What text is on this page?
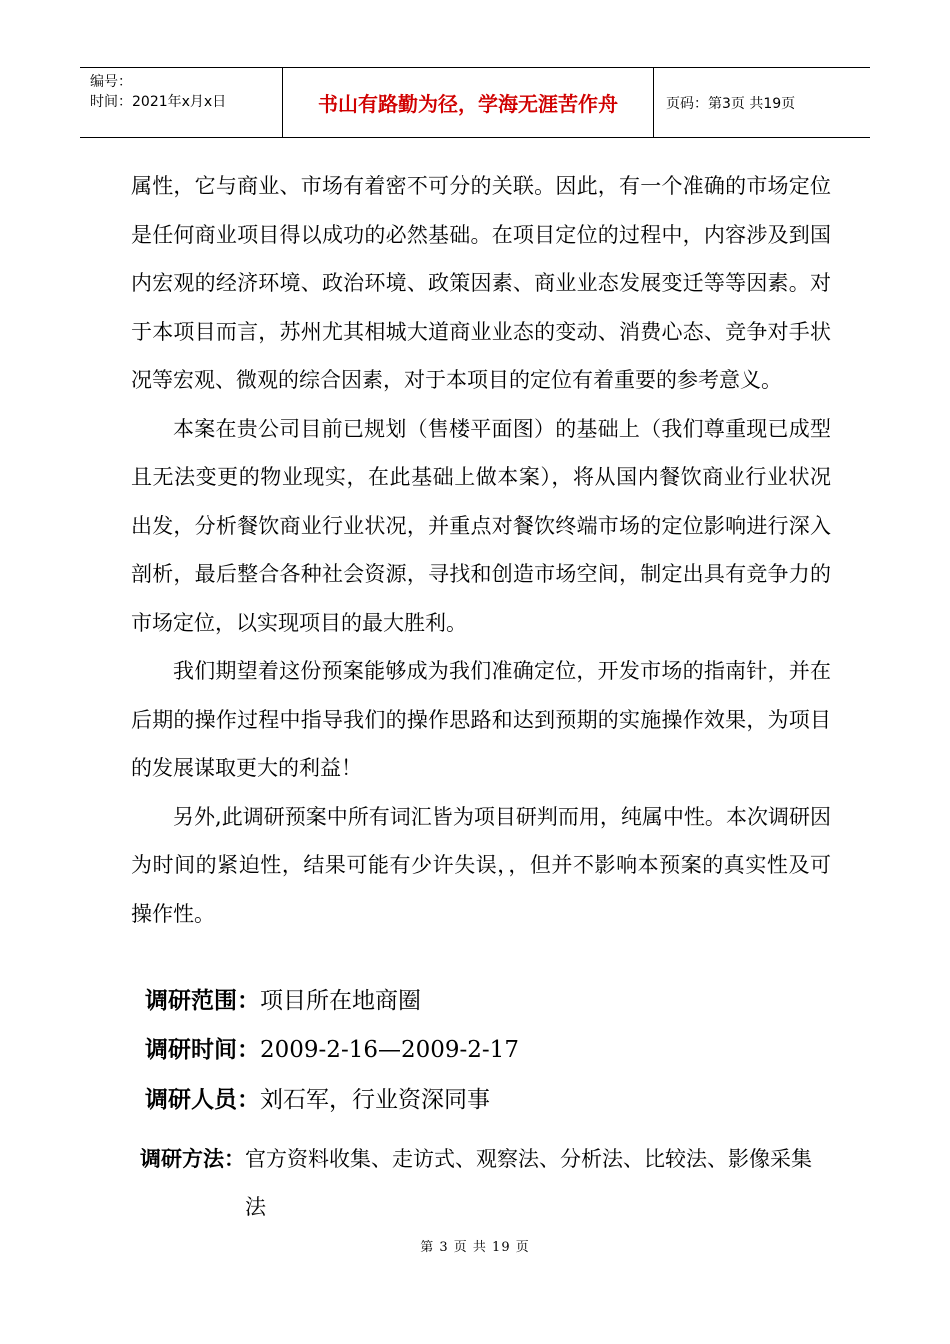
编号：
时间：2021年x月x日	书山有路勤为径，学海无涯苦作舟	页码：第3页 共19页

属性，它与商业、市场有着密不可分的关联。因此，有一个准确的市场定位是任何商业项目得以成功的必然基础。在项目定位的过程中，内容涉及到国内宏观的经济环境、政治环境、政策因素、商业业态发展变迁等等因素。对于本项目而言，苏州尤其相城大道商业业态的变动、消费心态、竞争对手状况等宏观、微观的综合因素，对于本项目的定位有着重要的参考意义。

本案在贵公司目前已规划（售楼平面图）的基础上（我们尊重现已成型且无法变更的物业现实，在此基础上做本案），将从国内餐饮商业行业状况出发，分析餐饮商业行业状况，并重点对餐饮终端市场的定位影响进行深入剖析，最后整合各种社会资源，寻找和创造市场空间，制定出具有竞争力的市场定位，以实现项目的最大胜利。

我们期望着这份预案能够成为我们准确定位，开发市场的指南针，并在后期的操作过程中指导我们的操作思路和达到预期的实施操作效果，为项目的发展谋取更大的利益！

另外,此调研预案中所有词汇皆为项目研判而用，纯属中性。本次调研因为时间的紧迫性，结果可能有少许失误，，但并不影响本预案的真实性及可操作性。

调研范围：项目所在地商圈
调研时间：2009-2-16—2009-2-17
调研人员：刘石军，行业资深同事
调研方法： 官方资料收集、走访式、观察法、分析法、比较法、影像采集法
第 3 页 共 19 页
